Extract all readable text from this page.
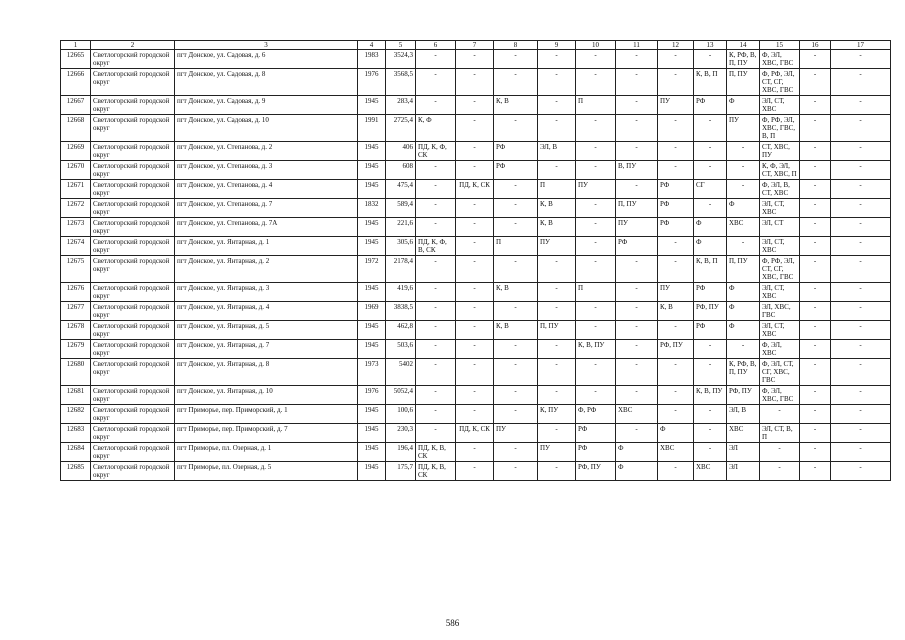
1	2	3	4	5	6	7	8	9	10	11	12	13	14	15	16	17
12665	Светлогорский городской округ	пгт Донское, ул. Садовая, д. 6	1983	3524,3	-	-	-	-	-	-	-	-	К, РФ, В, П, ПУ	Ф, ЭЛ, ХВС, ГВС	-	-
12666	Светлогорский городской округ	пгт Донское, ул. Садовая, д. 8	1976	3568,5	-	-	-	-	-	-	-	К, В, П	П, ПУ	Ф, РФ, ЭЛ, СТ, СГ, ХВС, ГВС	-	-
12667	Светлогорский городской округ	пгт Донское, ул. Садовая, д. 9	1945	283,4	-	-	К, В	-	П	-	ПУ	РФ	Ф	ЭЛ, СТ, ХВС	-	-
12668	Светлогорский городской округ	пгт Донское, ул. Садовая, д. 10	1991	2725,4	К, Ф	-	-	-	-	-	-	-	ПУ	Ф, РФ, ЭЛ, ХВС, ГВС, В, П	-	-
12669	Светлогорский городской округ	пгт Донское, ул. Степанова, д. 2	1945	406	ПД, К, Ф, СК	-	РФ	ЭЛ, В	-	-	-	-	-	СТ, ХВС, ПУ	-	-
12670	Светлогорский городской округ	пгт Донское, ул. Степанова, д. 3	1945	608	-	-	РФ	-	-	В, ПУ	-	-	-	К, Ф, ЭЛ, СТ, ХВС, П	-	-
12671	Светлогорский городской округ	пгт Донское, ул. Степанова, д. 4	1945	475,4	-	ПД, К, СК	-	П	ПУ	-	РФ	СГ	-	Ф, ЭЛ, В, СТ, ХВС	-	-
12672	Светлогорский городской округ	пгт Донское, ул. Степанова, д. 7	1832	589,4	-	-	-	К, В	-	П, ПУ	РФ	-	Ф	ЭЛ, СТ, ХВС	-	-
12673	Светлогорский городской округ	пгт Донское, ул. Степанова, д. 7А	1945	221,6	-	-	-	К, В	-	ПУ	РФ	Ф	ХВС	ЭЛ, СТ	-	-
12674	Светлогорский городской округ	пгт Донское, ул. Янтарная, д. 1	1945	305,6	ПД, К, Ф, В, СК	-	П	ПУ	-	РФ	-	Ф	-	ЭЛ, СТ, ХВС	-	-
12675	Светлогорский городской округ	пгт Донское, ул. Янтарная, д. 2	1972	2178,4	-	-	-	-	-	-	-	К, В, П	П, ПУ	Ф, РФ, ЭЛ, СТ, СГ, ХВС, ГВС	-	-
12676	Светлогорский городской округ	пгт Донское, ул. Янтарная, д. 3	1945	419,6	-	-	К, В	-	П	-	ПУ	РФ	Ф	ЭЛ, СТ, ХВС	-	-
12677	Светлогорский городской округ	пгт Донское, ул. Янтарная, д. 4	1969	3838,5	-	-	-	-	-	-	К, В	РФ, ПУ	Ф	ЭЛ, ХВС, ГВС	-	-
12678	Светлогорский городской округ	пгт Донское, ул. Янтарная, д. 5	1945	462,8	-	-	К, В	П, ПУ	-	-	-	РФ	Ф	ЭЛ, СТ, ХВС	-	-
12679	Светлогорский городской округ	пгт Донское, ул. Янтарная, д. 7	1945	503,6	-	-	-	-	К, В, ПУ	-	РФ, ПУ	-	-	Ф, ЭЛ, ХВС	-	-
12680	Светлогорский городской округ	пгт Донское, ул. Янтарная, д. 8	1973	5402	-	-	-	-	-	-	-	-	К, РФ, В, П, ПУ	Ф, ЭЛ, СТ, СГ, ХВС, ГВС	-	-
12681	Светлогорский городской округ	пгт Донское, ул. Янтарная, д. 10	1976	5052,4	-	-	-	-	-	-	-	К, В, ПУ	РФ, ПУ	Ф, ЭЛ, ХВС, ГВС	-	-
12682	Светлогорский городской округ	пгт Приморье, пер. Приморский, д. 1	1945	100,6	-	-	-	К, ПУ	Ф, РФ	ХВС	-	-	ЭЛ, В	-	-	-
12683	Светлогорский городской округ	пгт Приморье, пер. Приморский, д. 7	1945	230,3	-	ПД, К, СК	ПУ	-	РФ	-	Ф	-	ХВС	ЭЛ, СТ, В, П	-	-
12684	Светлогорский городской округ	пгт Приморье, пл. Озерная, д. 1	1945	196,4	ПД, К, В, СК	-	-	ПУ	РФ	Ф	ХВС	-	ЭЛ	-	-	-
12685	Светлогорский городской округ	пгт Приморье, пл. Озерная, д. 5	1945	175,7	ПД, К, В, СК	-	-	-	РФ, ПУ	Ф	-	ХВС	ЭЛ	-	-	-
586
